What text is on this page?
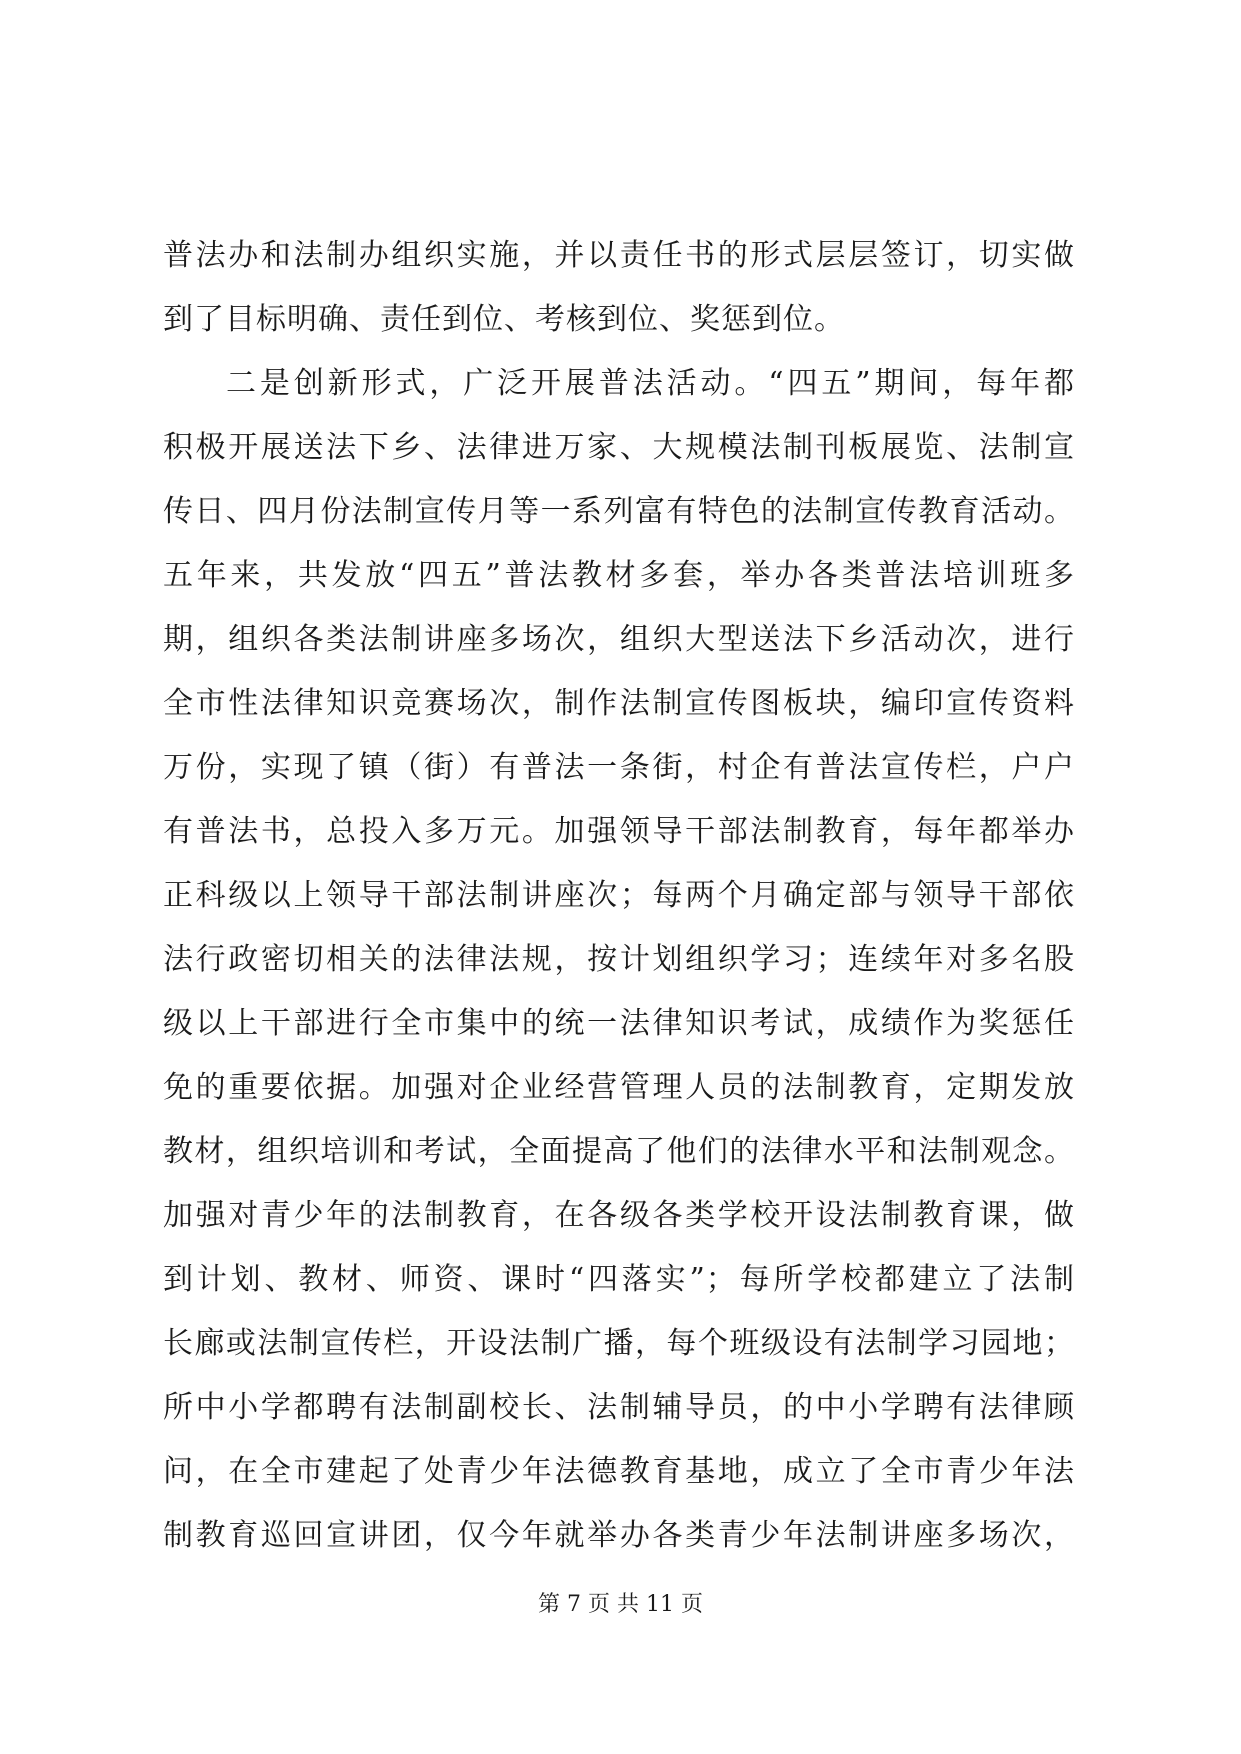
普法办和法制办组织实施，并以责任书的形式层层签订，切实做
到了目标明确、责任到位、考核到位、奖惩到位。
二是创新形式，广泛开展普法活动。“四五”期间，每年都
积极开展送法下乡、法律进万家、大规模法制刊板展览、法制宣
传日、四月份法制宣传月等一系列富有特色的法制宣传教育活动。
五年来，共发放“四五”普法教材多套，举办各类普法培训班多
期，组织各类法制讲座多场次，组织大型送法下乡活动次，进行
全市性法律知识竞赛场次，制作法制宣传图板块，编印宣传资料
万份，实现了镇（街）有普法一条街，村企有普法宣传栏，户户
有普法书，总投入多万元。加强领导干部法制教育，每年都举办
正科级以上领导干部法制讲座次；每两个月确定部与领导干部依
法行政密切相关的法律法规，按计划组织学习；连续年对多名股
级以上干部进行全市集中的统一法律知识考试，成绩作为奖惩任
免的重要依据。加强对企业经营管理人员的法制教育，定期发放
教材，组织培训和考试，全面提高了他们的法律水平和法制观念。
加强对青少年的法制教育，在各级各类学校开设法制教育课，做
到计划、教材、师资、课时“四落实”；每所学校都建立了法制
长廊或法制宣传栏，开设法制广播，每个班级设有法制学习园地；
所中小学都聘有法制副校长、法制辅导员，的中小学聘有法律顾
问，在全市建起了处青少年法德教育基地，成立了全市青少年法
制教育巡回宣讲团，仅今年就举办各类青少年法制讲座多场次，
第 7 页 共 11 页
